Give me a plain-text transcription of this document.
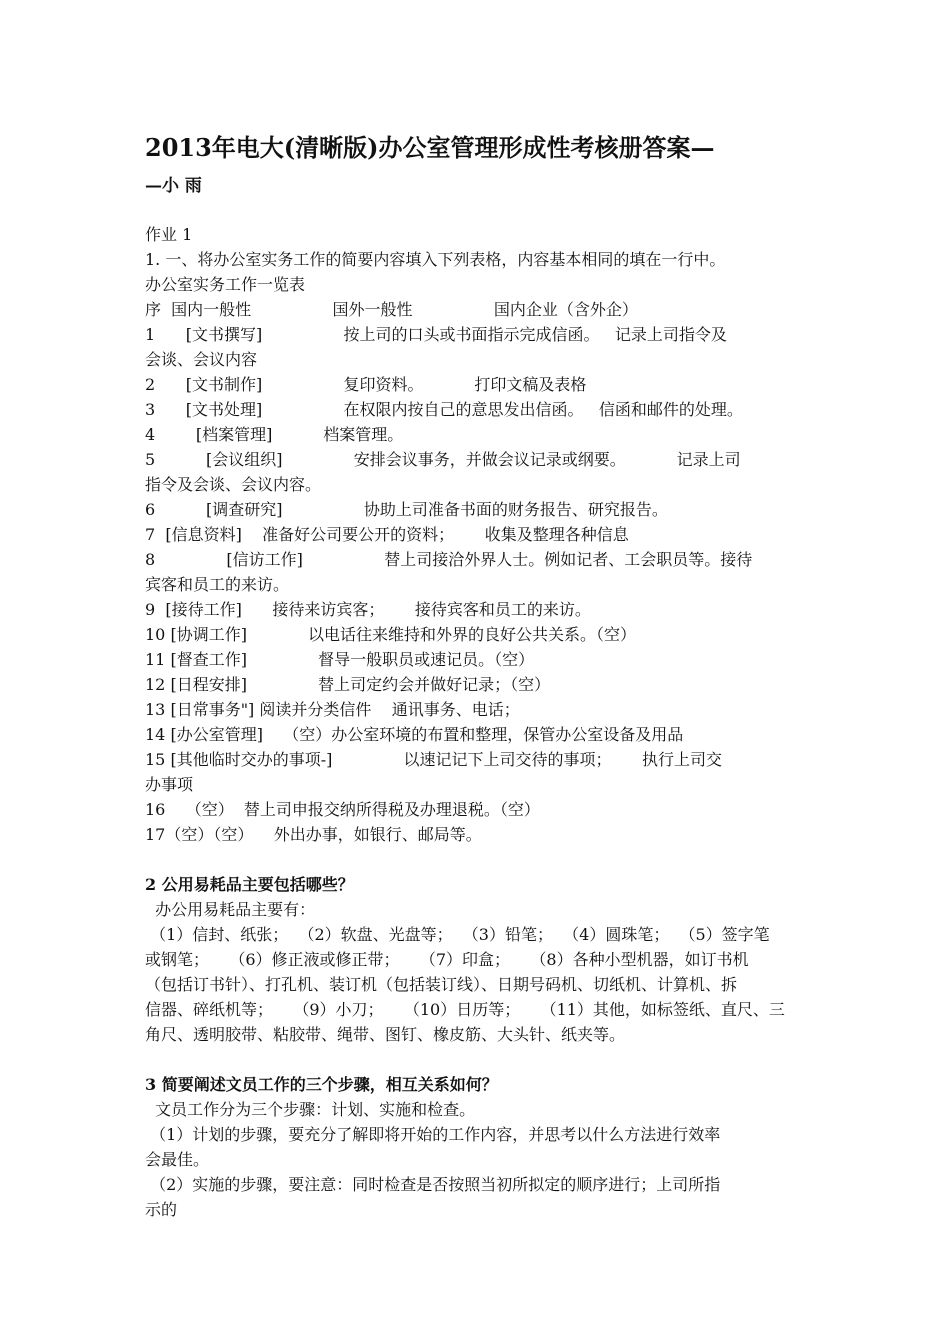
2013年电大(清晰版)办公室管理形成性考核册答案—
—小 雨

作业 1

1. 一、将办公室实务工作的简要内容填入下列表格，内容基本相同的填在一行中。

办公室实务工作一览表

序  国内一般性                国外一般性                国内企业（含外企）

1      [文书撰写]                按上司的口头或书面指示完成信函。   记录上司指令及

会谈、会议内容

2      [文书制作]                复印资料。          打印文稿及表格

3      [文书处理]                在权限内按自己的意思发出信函。   信函和邮件的处理。

4        [档案管理]          档案管理。

5          [会议组织]              安排会议事务，并做会议记录或纲要。          记录上司

指令及会谈、会议内容。

6          [调查研究]                协助上司准备书面的财务报告、研究报告。

7  [信息资料]    准备好公司要公开的资料；      收集及整理各种信息

8              [信访工作]                替上司接洽外界人士。例如记者、工会职员等。接待

宾客和员工的来访。

9  [接待工作]      接待来访宾客；      接待宾客和员工的来访。

10 [协调工作]            以电话往来维持和外界的良好公共关系。（空）

11 [督查工作]              督导一般职员或速记员。（空）

12 [日程安排]              替上司定约会并做好记录；（空）

13 [日常事务"] 阅读并分类信件    通讯事务、电话；

14 [办公室管理]    （空）办公室环境的布置和整理，保管办公室设备及用品

15 [其他临时交办的事项-]              以速记记下上司交待的事项；      执行上司交

办事项

16    （空）  替上司申报交纳所得税及办理退税。（空）

17（空）（空）    外出办事，如银行、邮局等。

2 公用易耗品主要包括哪些？

办公用易耗品主要有：

（1）信封、纸张；  （2）软盘、光盘等；  （3）铅笔；  （4）圆珠笔；  （5）签字笔

或钢笔；    （6）修正液或修正带；    （7）印盒；    （8）各种小型机器，如订书机

（包括订书针）、打孔机、装订机（包括装订线）、日期号码机、切纸机、计算机、拆

信器、碎纸机等；    （9）小刀；    （10）日历等；    （11）其他，如标签纸、直尺、三

角尺、透明胶带、粘胶带、绳带、图钉、橡皮筋、大头针、纸夹等。

3 简要阐述文员工作的三个步骤，相互关系如何？

文员工作分为三个步骤：计划、实施和检查。

（1）计划的步骤，要充分了解即将开始的工作内容，并思考以什么方法进行效率

会最佳。

（2）实施的步骤，要注意：同时检查是否按照当初所拟定的顺序进行；上司所指

示的
